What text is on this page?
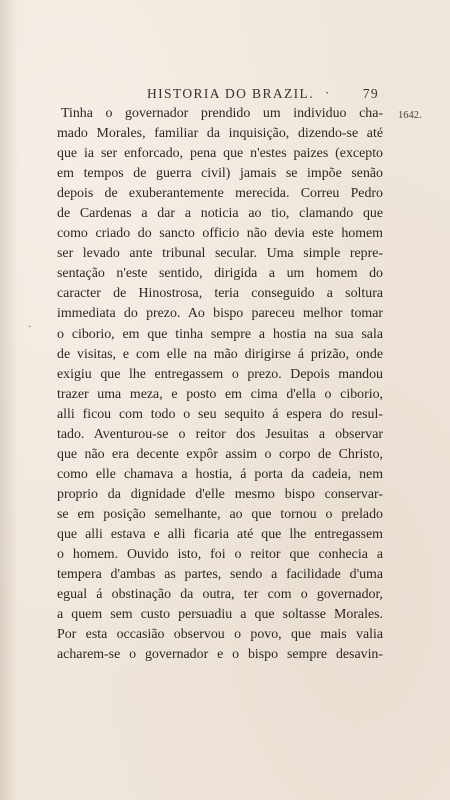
HISTORIA DO BRAZIL. · 79
1642.
Tinha o governador prendido um individuo cha-
mado Morales, familiar da inquisição, dizendo-se até
que ia ser enforcado, pena que n'estes paizes (excepto
em tempos de guerra civil) jamais se impõe senão
depois de exuberantemente merecida. Correu Pedro
de Cardenas a dar a noticia ao tio, clamando que
como criado do sancto officio não devia este homem
ser levado ante tribunal secular. Uma simple repre-
sentação n'este sentido, dirigida a um homem do
caracter de Hinostrosa, teria conseguido a soltura
immediata do prezo. Ao bispo pareceu melhor tomar
o ciborio, em que tinha sempre a hostia na sua sala
de visitas, e com elle na mão dirigirse á prizão, onde
exigiu que lhe entregassem o prezo. Depois mandou
trazer uma meza, e posto em cima d'ella o ciborio,
alli ficou com todo o seu sequito á espera do resul-
tado. Aventurou-se o reitor dos Jesuitas a observar
que não era decente expôr assim o corpo de Christo,
como elle chamava a hostia, á porta da cadeia, nem
proprio da dignidade d'elle mesmo bispo conservar-
se em posição semelhante, ao que tornou o prelado
que alli estava e alli ficaria até que lhe entregassem
o homem. Ouvido isto, foi o reitor que conhecia a
tempera d'ambas as partes, sendo a facilidade d'uma
egual á obstinação da outra, ter com o governador,
a quem sem custo persuadiu a que soltasse Morales.
Por esta occasião observou o povo, que mais valia
acharem-se o governador e o bispo sempre desavin-
·
